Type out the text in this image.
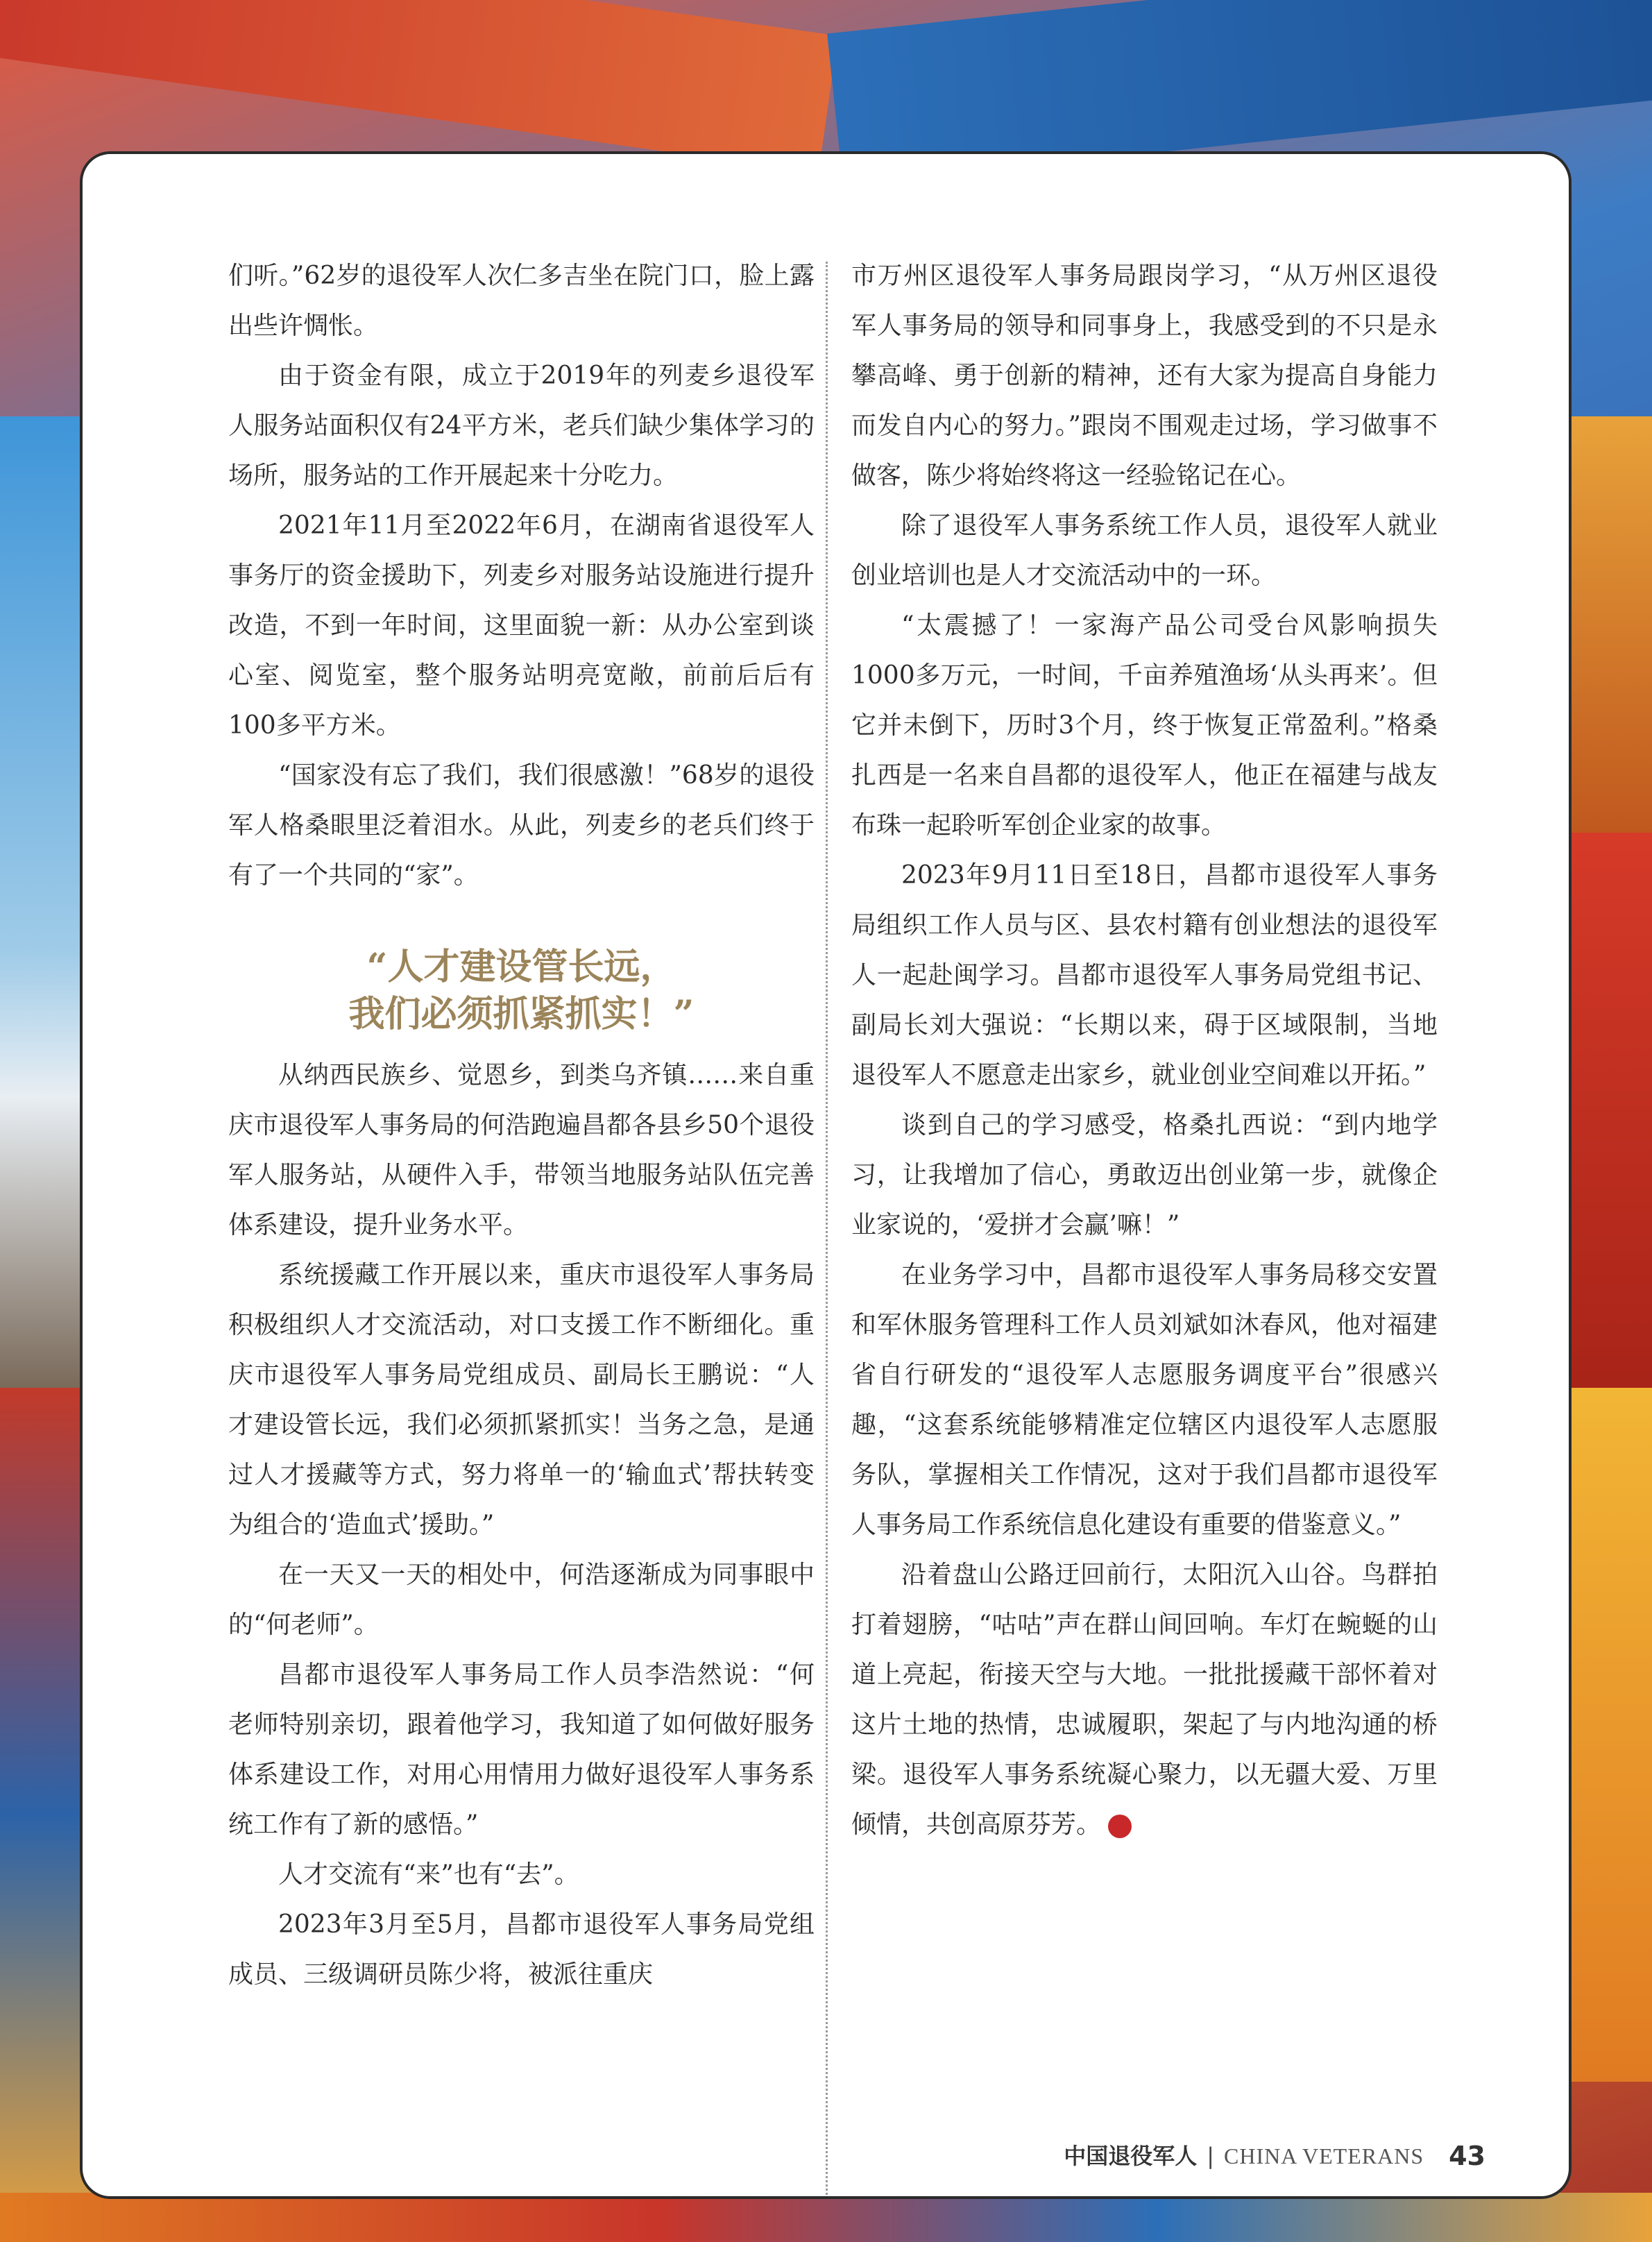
们听。”62岁的退役军人次仁多吉坐在院门口，脸上露出些许惆怅。

由于资金有限，成立于2019年的列麦乡退役军人服务站面积仅有24平方米，老兵们缺少集体学习的场所，服务站的工作开展起来十分吃力。

2021年11月至2022年6月，在湖南省退役军人事务厅的资金援助下，列麦乡对服务站设施进行提升改造，不到一年时间，这里面貌一新：从办公室到谈心室、阅览室，整个服务站明亮宽敞，前前后后有100多平方米。

“国家没有忘了我们，我们很感激！”68岁的退役军人格桑眼里泛着泪水。从此，列麦乡的老兵们终于有了一个共同的“家”。

“人才建设管长远，
我们必须抓紧抓实！”

从纳西民族乡、觉恩乡，到类乌齐镇……来自重庆市退役军人事务局的何浩跑遍昌都各县乡50个退役军人服务站，从硬件入手，带领当地服务站队伍完善体系建设，提升业务水平。

系统援藏工作开展以来，重庆市退役军人事务局积极组织人才交流活动，对口支援工作不断细化。重庆市退役军人事务局党组成员、副局长王鹏说：“人才建设管长远，我们必须抓紧抓实！当务之急，是通过人才援藏等方式，努力将单一的‘输血式’帮扶转变为组合的‘造血式’援助。”

在一天又一天的相处中，何浩逐渐成为同事眼中的“何老师”。

昌都市退役军人事务局工作人员李浩然说：“何老师特别亲切，跟着他学习，我知道了如何做好服务体系建设工作，对用心用情用力做好退役军人事务系统工作有了新的感悟。”

人才交流有“来”也有“去”。

2023年3月至5月，昌都市退役军人事务局党组成员、三级调研员陈少将，被派往重庆

市万州区退役军人事务局跟岗学习，“从万州区退役军人事务局的领导和同事身上，我感受到的不只是永攀高峰、勇于创新的精神，还有大家为提高自身能力而发自内心的努力。”跟岗不围观走过场，学习做事不做客，陈少将始终将这一经验铭记在心。

除了退役军人事务系统工作人员，退役军人就业创业培训也是人才交流活动中的一环。

“太震撼了！一家海产品公司受台风影响损失1000多万元，一时间，千亩养殖渔场‘从头再来’。但它并未倒下，历时3个月，终于恢复正常盈利。”格桑扎西是一名来自昌都的退役军人，他正在福建与战友布珠一起聆听军创企业家的故事。

2023年9月11日至18日，昌都市退役军人事务局组织工作人员与区、县农村籍有创业想法的退役军人一起赴闽学习。昌都市退役军人事务局党组书记、副局长刘大强说：“长期以来，碍于区域限制，当地退役军人不愿意走出家乡，就业创业空间难以开拓。”

谈到自己的学习感受，格桑扎西说：“到内地学习，让我增加了信心，勇敢迈出创业第一步，就像企业家说的，‘爱拼才会赢’嘛！”

在业务学习中，昌都市退役军人事务局移交安置和军休服务管理科工作人员刘斌如沐春风，他对福建省自行研发的“退役军人志愿服务调度平台”很感兴趣，“这套系统能够精准定位辖区内退役军人志愿服务队，掌握相关工作情况，这对于我们昌都市退役军人事务局工作系统信息化建设有重要的借鉴意义。”

沿着盘山公路迂回前行，太阳沉入山谷。鸟群拍打着翅膀，“咕咕”声在群山间回响。车灯在蜿蜒的山道上亮起，衔接天空与大地。一批批援藏干部怀着对这片土地的热情，忠诚履职，架起了与内地沟通的桥梁。退役军人事务系统凝心聚力，以无疆大爱、万里倾情，共创高原芬芳。	V

中国退役军人 | CHINA VETERANS 43
